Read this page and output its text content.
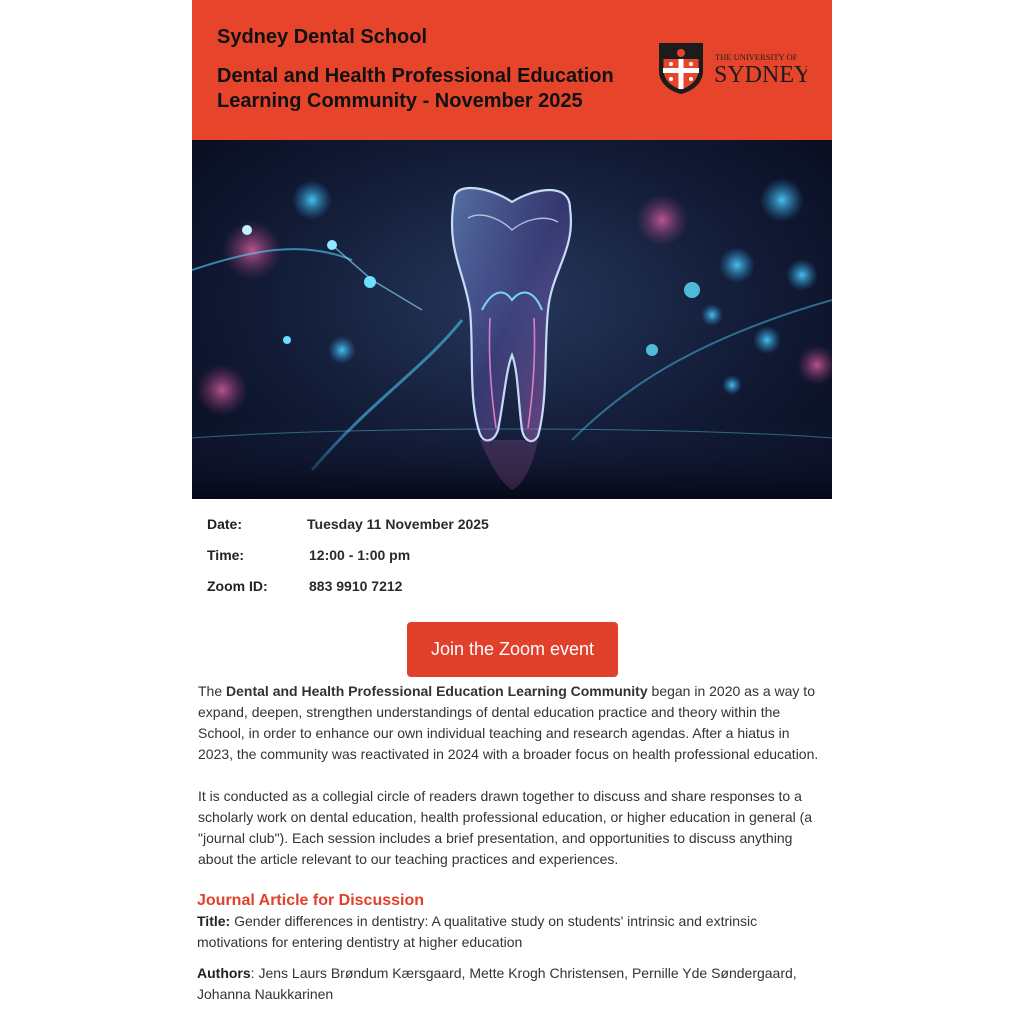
Sydney Dental School
Dental and Health Professional Education Learning Community - November 2025
THE UNIVERSITY OF
SYDNEY
Date:	Tuesday 11 November 2025
Time:	12:00 - 1:00 pm
Zoom ID:	883 9910 7212
Join the Zoom event

The Dental and Health Professional Education Learning Community began in 2020 as a way to expand, deepen, strengthen understandings of dental education practice and theory within the School, in order to enhance our own individual teaching and research agendas. After a hiatus in 2023, the community was reactivated in 2024 with a broader focus on health professional education.

It is conducted as a collegial circle of readers drawn together to discuss and share responses to a scholarly work on dental education, health professional education, or higher education in general (a "journal club"). Each session includes a brief presentation, and opportunities to discuss anything about the article relevant to our teaching practices and experiences.

Journal Article for Discussion

Title: Gender differences in dentistry: A qualitative study on students' intrinsic and extrinsic motivations for entering dentistry at higher education

Authors: Jens Laurs Brøndum Kærsgaard, Mette Krogh Christensen, Pernille Yde Søndergaard, Johanna Naukkarinen
